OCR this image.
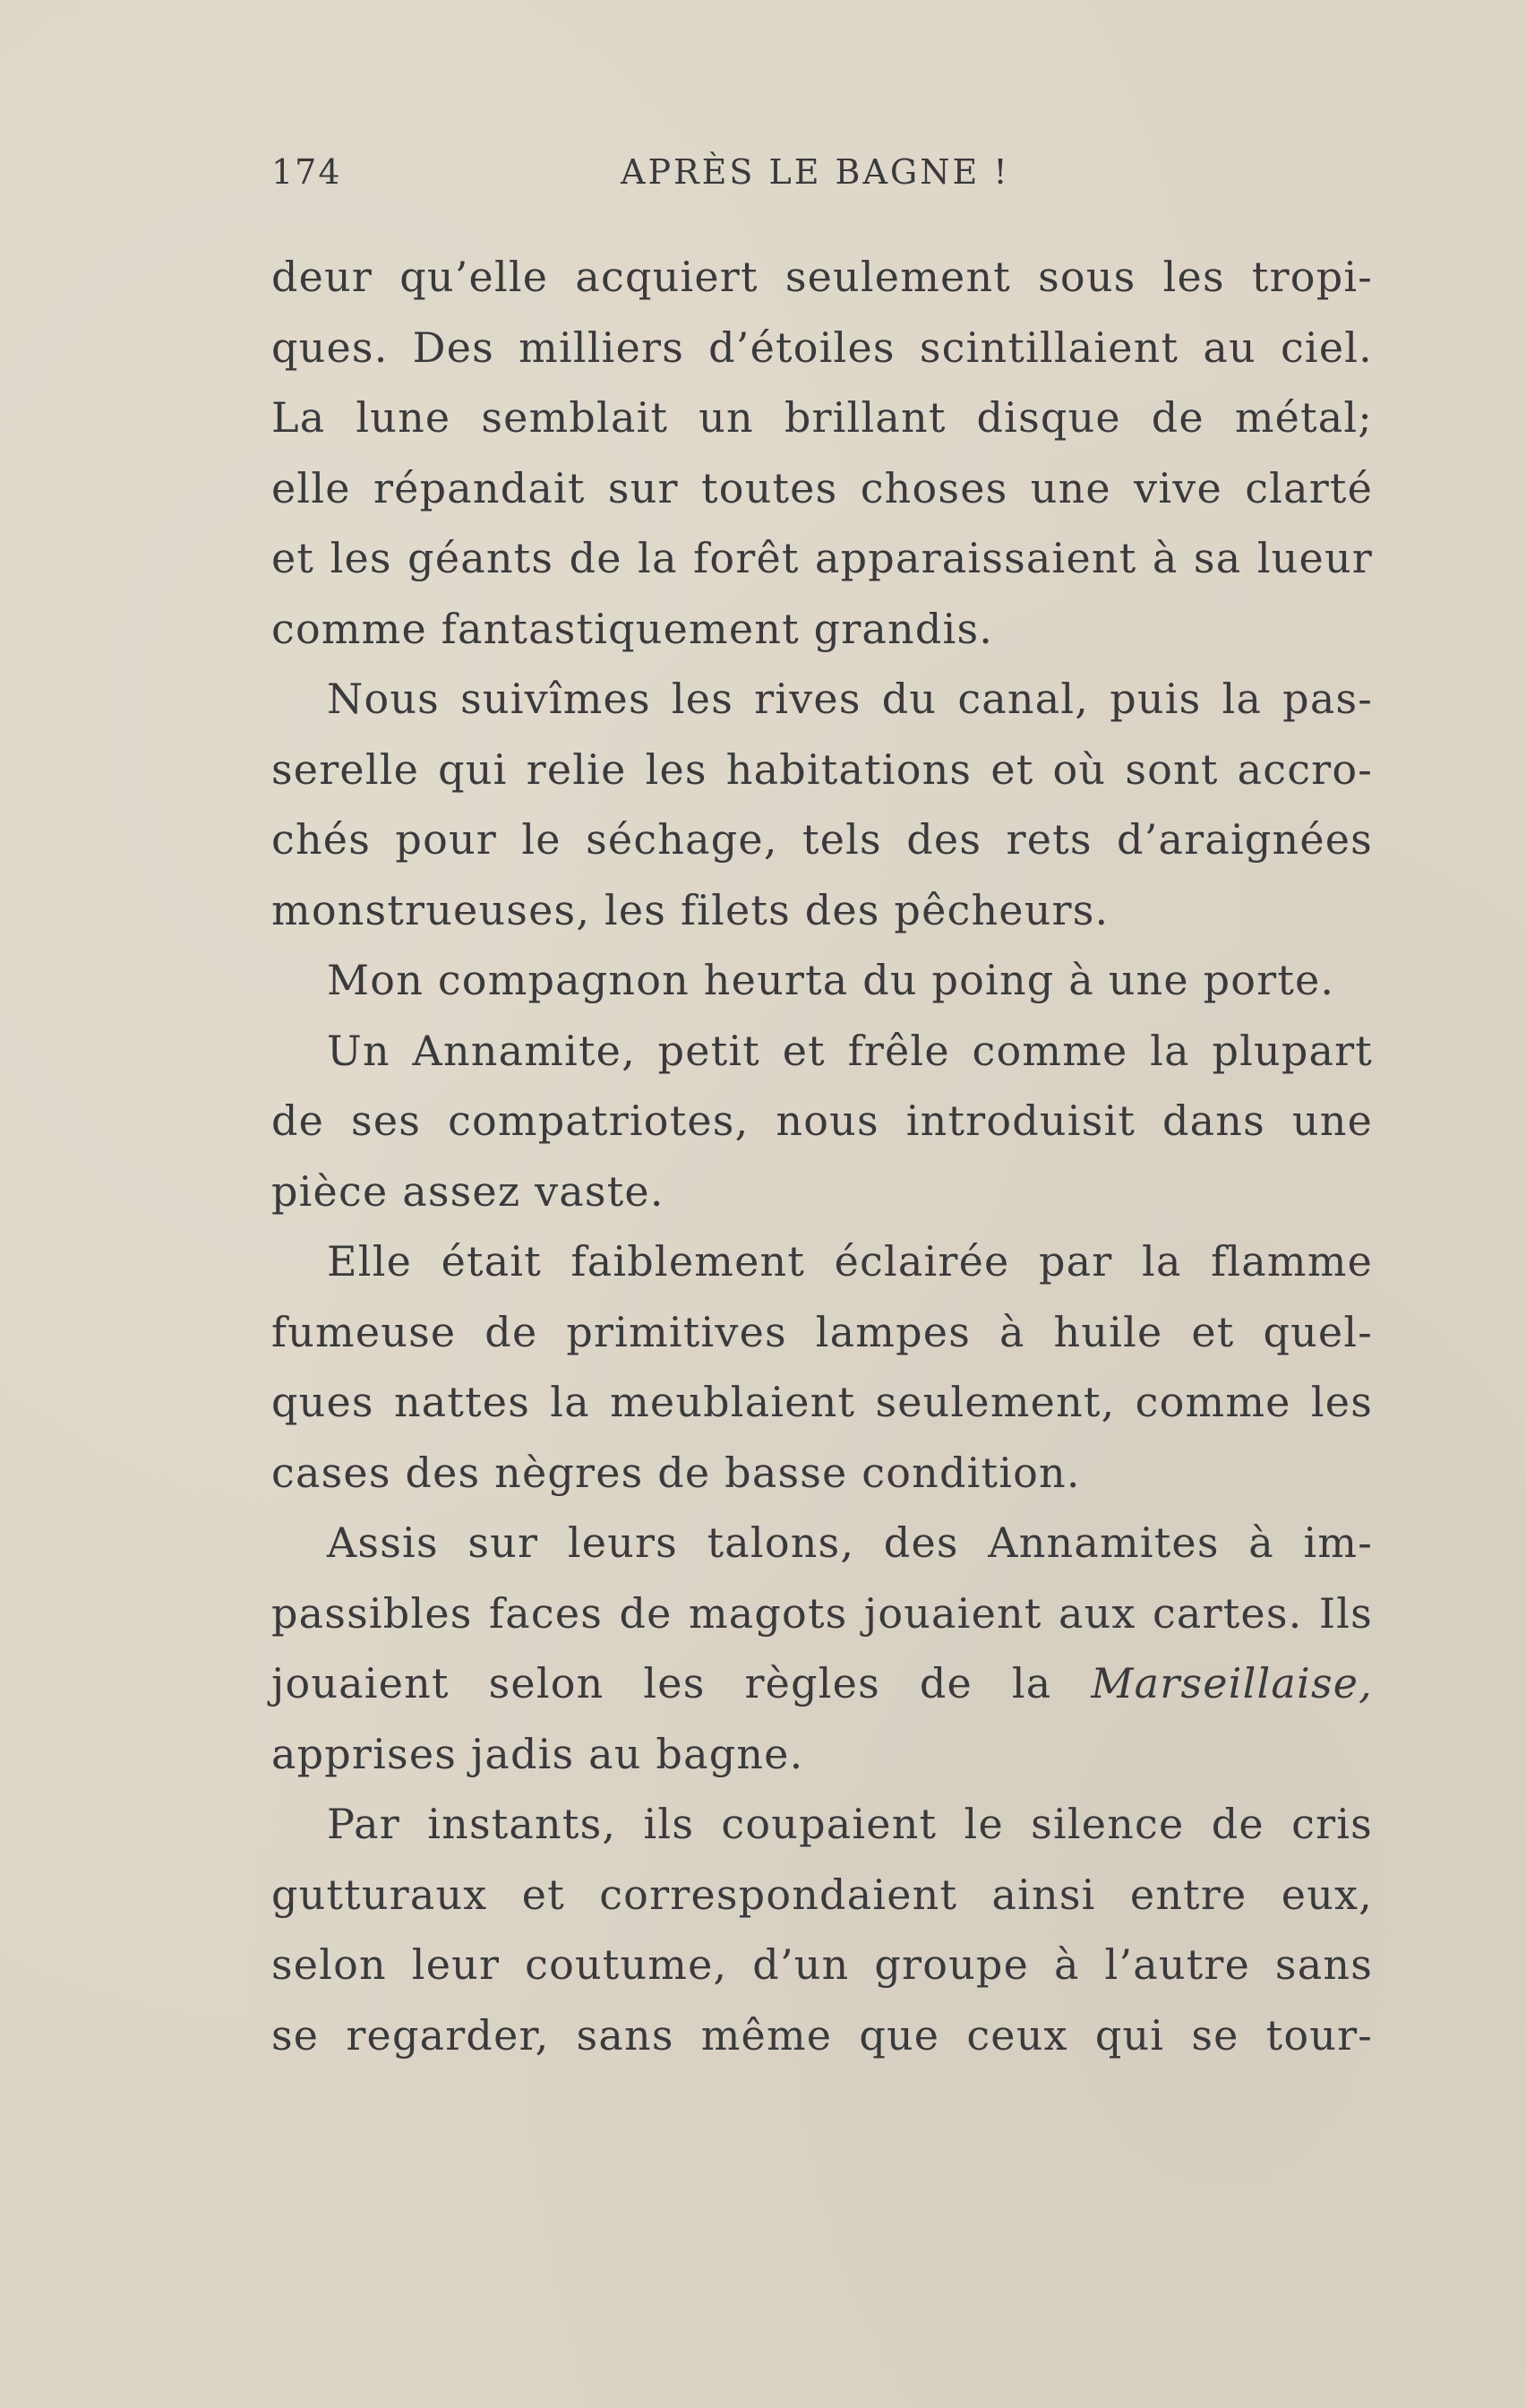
174	APRÈS LE BAGNE !
deur qu’elle acquiert seulement sous les tropi-
ques. Des milliers d’étoiles scintillaient au ciel.
La lune semblait un brillant disque de métal;
elle répandait sur toutes choses une vive clarté
et les géants de la forêt apparaissaient à sa lueur
comme fantastiquement grandis.
Nous suivîmes les rives du canal, puis la pas-
serelle qui relie les habitations et où sont accro-
chés pour le séchage, tels des rets d’araignées
monstrueuses, les filets des pêcheurs.
Mon compagnon heurta du poing à une porte.
Un Annamite, petit et frêle comme la plupart
de ses compatriotes, nous introduisit dans une
pièce assez vaste.
Elle était faiblement éclairée par la flamme
fumeuse de primitives lampes à huile et quel-
ques nattes la meublaient seulement, comme les
cases des nègres de basse condition.
Assis sur leurs talons, des Annamites à im-
passibles faces de magots jouaient aux cartes. Ils
jouaient selon les règles de la Marseillaise,
apprises jadis au bagne.
Par instants, ils coupaient le silence de cris
gutturaux et correspondaient ainsi entre eux,
selon leur coutume, d’un groupe à l’autre sans
se regarder, sans même que ceux qui se tour-
